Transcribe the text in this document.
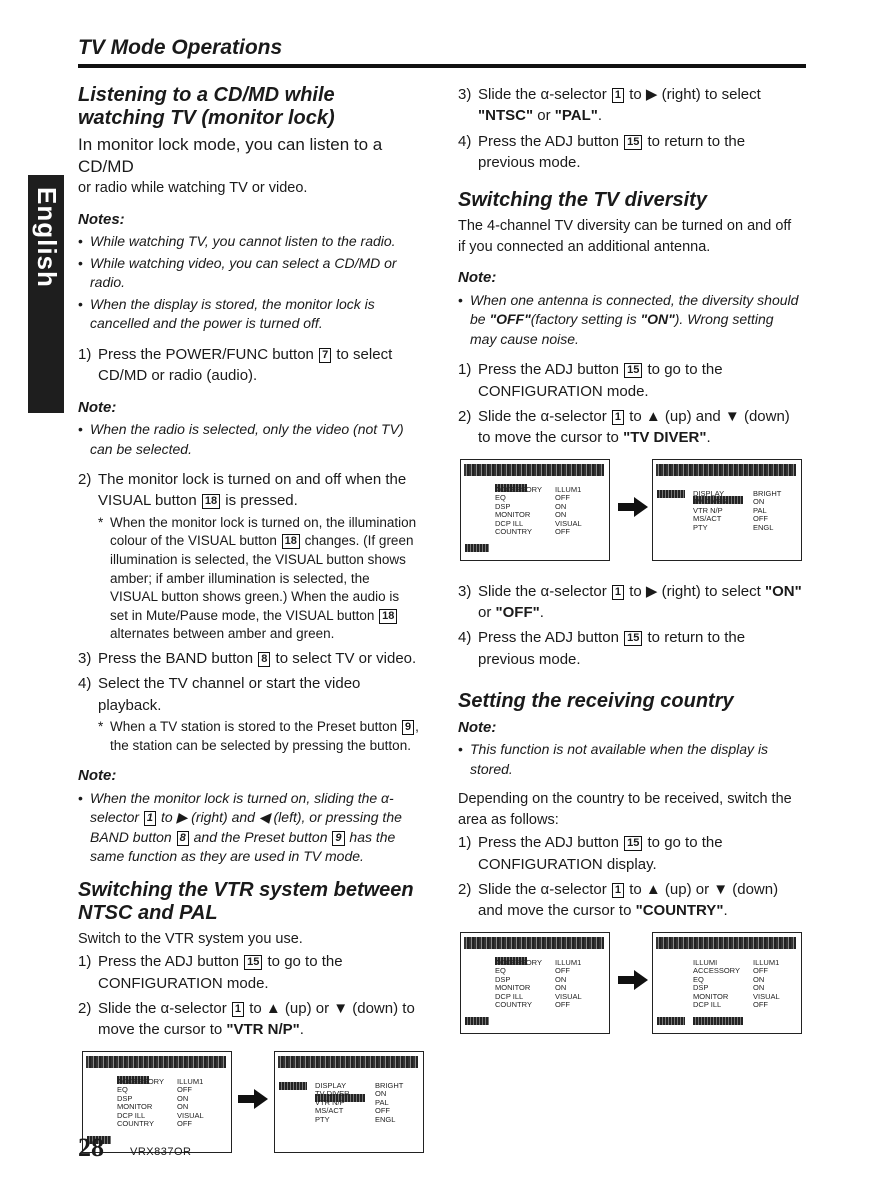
TV Mode Operations
English
Listening to a CD/MD while watching TV (monitor lock)

In monitor lock mode, you can listen to a CD/MD

or radio while watching TV or video.

Notes:
• While watching TV, you cannot listen to the radio.
• While watching video, you can select a CD/MD or radio.
• When the display is stored, the monitor lock is cancelled and the power is turned off.
1) Press the POWER/FUNC button 7 to select CD/MD or radio (audio).
Note:
• When the radio is selected, only the video (not TV) can be selected.
2) The monitor lock is turned on and off when the VISUAL button 18 is pressed.
* When the monitor lock is turned on, the illumination colour of the VISUAL button 18 changes. (If green illumination is selected, the VISUAL button shows amber; if amber illumination is selected, the VISUAL button shows green.) When the audio is set in Mute/Pause mode, the VISUAL button 18 alternates between amber and green.
3) Press the BAND button 8 to select TV or video.
4) Select the TV channel or start the video playback.
* When a TV station is stored to the Preset button 9 , the station can be selected by pressing the button.
Note:
• When the monitor lock is turned on, sliding the α-selector 1 to ▶ (right) and ◀ (left), or pressing the BAND button 8 and the Preset button 9 has the same function as they are used in TV mode.
Switching the VTR system between NTSC and PAL

Switch to the VTR system you use.

1) Press the ADJ button 15 to go to the CONFIGURATION mode.
2) Slide the α-selector 1 to ▲ (up) or ▼ (down) to move the cursor to "VTR N/P".
ACCESSORY
EQ
DSP
MONITOR
DCP ILL
COUNTRY
ILLUM1
OFF
ON
ON
VISUAL
OFF
DISPLAY
TV DIVER
VTR N/P
MS/ACT
PTY
BRIGHT
ON
PAL
OFF
ENGL
3) Slide the α-selector 1 to ▶ (right) to select "NTSC" or "PAL".
4) Press the ADJ button 15 to return to the previous mode.
Switching the TV diversity

The 4-channel TV diversity can be turned on and off if you connected an additional antenna.

Note:
• When one antenna is connected, the diversity should be "OFF"(factory setting is "ON"). Wrong setting may cause noise.
1) Press the ADJ button 15 to go to the CONFIGURATION mode.
2) Slide the α-selector 1 to ▲ (up) and ▼ (down) to move the cursor to "TV DIVER".
ACCESSORY
EQ
DSP
MONITOR
DCP ILL
COUNTRY
ILLUM1
OFF
ON
ON
VISUAL
OFF
DISPLAY
TV DIVER
VTR N/P
MS/ACT
PTY
BRIGHT
ON
PAL
OFF
ENGL
3) Slide the α-selector 1 to ▶ (right) to select "ON" or "OFF".
4) Press the ADJ button 15 to return to the previous mode.
Setting the receiving country
Note:
• This function is not available when the display is stored.

Depending on the country to be received, switch the area as follows:

1) Press the ADJ button 15 to go to the CONFIGURATION display.
2) Slide the α-selector 1 to ▲ (up) or ▼ (down) and move the cursor to "COUNTRY".
ACCESSORY
EQ
DSP
MONITOR
DCP ILL
COUNTRY
ILLUM1
OFF
ON
ON
VISUAL
OFF
ILLUMI
ACCESSORY
EQ
DSP
MONITOR
DCP ILL
ILLUM1
OFF
ON
ON
VISUAL
OFF
28 VRX837OR
